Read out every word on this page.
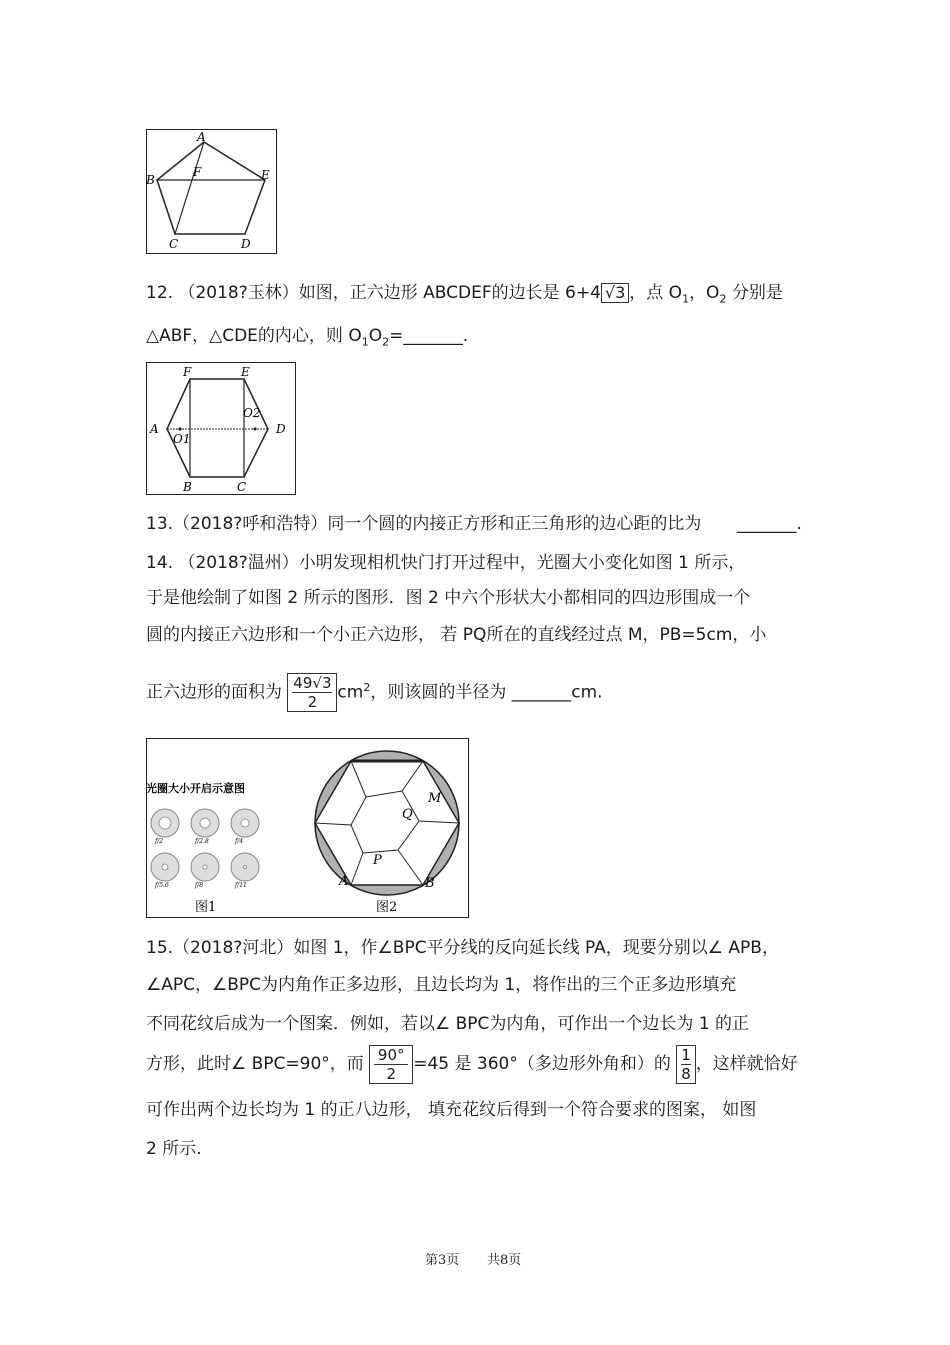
A
B
C	D
E
F
12. （2018?玉林）如图，正六边形 ABCDEF的边长是 6+4 √3 ，点 $O_1$，$O_2$ 分别是
△ABF，△CDE的内心，则 $O_1O_2=\_\_\_\_\_\_\_$.
A
B	C
D
E
F
O1
O2
13.（2018?呼和浩特）同一个圆的内接正方形和正三角形的边心距的比为 _______.
14. （2018?温州）小明发现相机快门打开过程中，光圈大小变化如图 1 所示，
于是他绘制了如图 2 所示的图形．图 2 中六个形状大小都相同的四边形围成一个
圆的内接正六边形和一个小正六边形， 若 PQ所在的直线经过点 M，PB=5cm，小
正六边形的面积为 $\frac{49√3}{2} cm^2$，则该圆的半径为 _______cm.
光圈大小开启示意图
f/2	f/2.8	f/4
f/5.6	f/8	f/11
图1
M
Q
P
A	B
图2
15.（2018?河北）如图 1，作∠BPC平分线的反向延长线 PA，现要分别以∠ APB，
∠APC，∠BPC为内角作正多边形，且边长均为 1，将作出的三个正多边形填充
不同花纹后成为一个图案．例如，若以∠ BPC为内角，可作出一个边长为 1 的正
方形，此时∠ BPC=90°，而 $\frac{90^\circ}{2} =45$ 是 360°（多边形外角和）的 $\frac{1}{8}$ ，这样就恰好
可作出两个边长均为 1 的正八边形， 填充花纹后得到一个符合要求的图案， 如图
2 所示.
第3页 共8页
